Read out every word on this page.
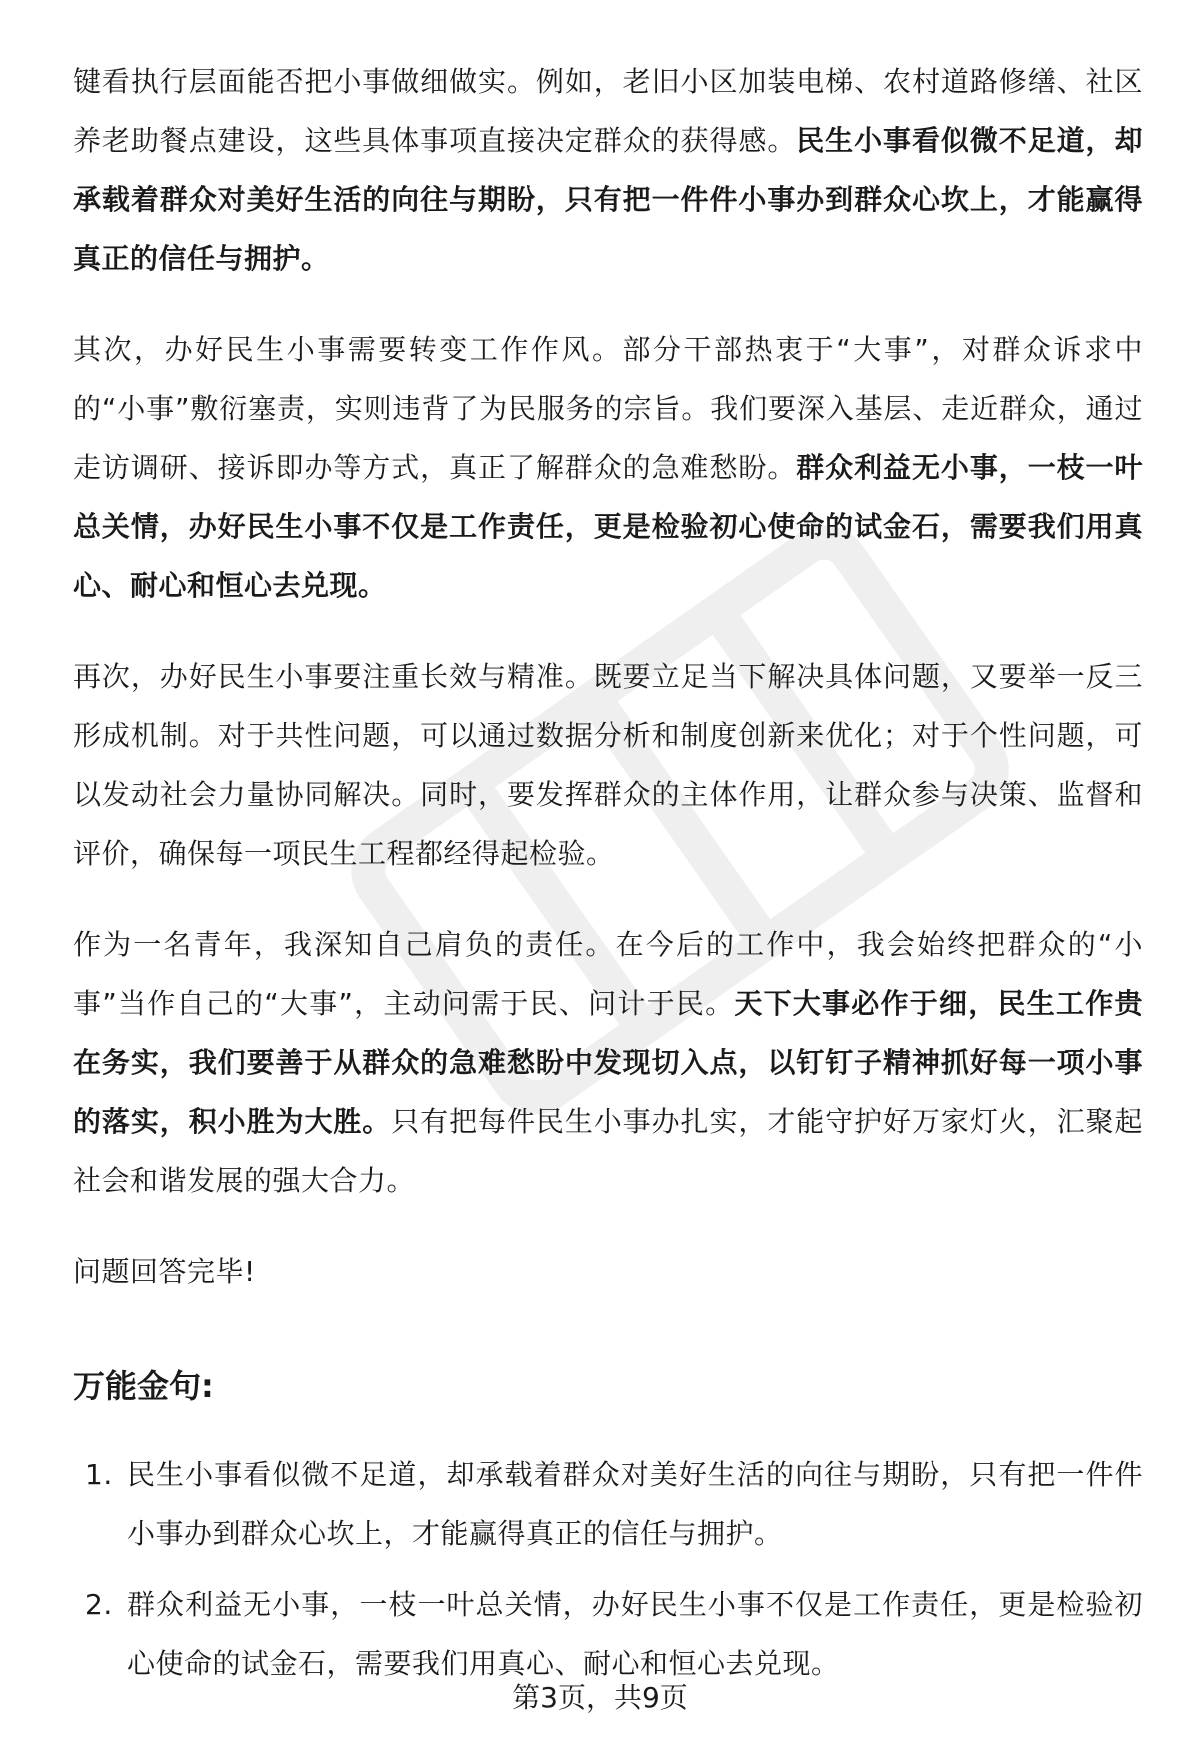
键看执行层面能否把小事做细做实。例如，老旧小区加装电梯、农村道路修缮、社区养老助餐点建设，这些具体事项直接决定群众的获得感。民生小事看似微不足道，却承载着群众对美好生活的向往与期盼，只有把一件件小事办到群众心坎上，才能赢得真正的信任与拥护。

其次，办好民生小事需要转变工作作风。部分干部热衷于“大事”，对群众诉求中的“小事”敷衍塞责，实则违背了为民服务的宗旨。我们要深入基层、走近群众，通过走访调研、接诉即办等方式，真正了解群众的急难愁盼。群众利益无小事，一枝一叶总关情，办好民生小事不仅是工作责任，更是检验初心使命的试金石，需要我们用真心、耐心和恒心去兑现。

再次，办好民生小事要注重长效与精准。既要立足当下解决具体问题，又要举一反三形成机制。对于共性问题，可以通过数据分析和制度创新来优化；对于个性问题，可以发动社会力量协同解决。同时，要发挥群众的主体作用，让群众参与决策、监督和评价，确保每一项民生工程都经得起检验。

作为一名青年，我深知自己肩负的责任。在今后的工作中，我会始终把群众的“小事”当作自己的“大事”，主动问需于民、问计于民。天下大事必作于细，民生工作贵在务实，我们要善于从群众的急难愁盼中发现切入点，以钉钉子精神抓好每一项小事的落实，积小胜为大胜。只有把每件民生小事办扎实，才能守护好万家灯火，汇聚起社会和谐发展的强大合力。

问题回答完毕!

万能金句:
1. 民生小事看似微不足道，却承载着群众对美好生活的向往与期盼，只有把一件件小事办到群众心坎上，才能赢得真正的信任与拥护。
2. 群众利益无小事，一枝一叶总关情，办好民生小事不仅是工作责任，更是检验初心使命的试金石，需要我们用真心、耐心和恒心去兑现。
第3页，共9页
